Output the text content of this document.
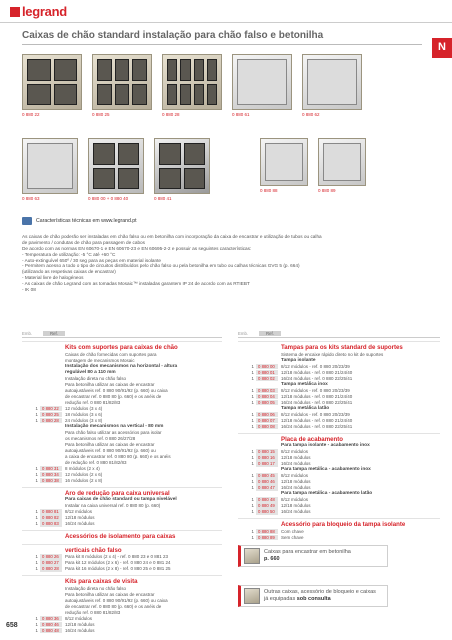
legrand
Caixas de chão standard instalação para chão falso e betonilha
N
0 880 22	0 880 25	0 880 28	0 880 61	0 880 62
0 880 63	0 880 00 + 0 880 40	0 880 41
0 880 88	0 880 89
Características técnicas em www.legrand.pt

As caixas de chão poderão ser instaladas em chão falso ou em betonilha com incorporação da caixa de encastrar e utilização de tubos ou calha

de pavimento / condutas de chão para passagem de cabos

De acordo com as normas EN 60670-1 e EN 60670-23 e EN 60695-2-2 e possuir as seguintes características:

- Temperatura de utilização: -5 °C até +60 °C

- Auto-extinguível 650º / 30 seg para as peças em material isolante

- Permitem acesso a todo o tipo de circuitos distribuídos pelo chão falso ou pela betonilha em tubo ou calhas técnicas GVG 5 (p. 664)

(utilizando as respetivas caixas de encastrar)

- Material livre de halogéneos

- As caixas de chão Legrand com as tomadas Mosaic™ instaladas garantem IP 24 de acordo com as RTIEBT

- IK 08

Emb.	Ref.
Kits com suportes para caixas de chão
Caixas de chão fornecidas com suportes para
montagem de mecanismos Mosaic
Instalação dos mecanismos na horizontal - altura
regulável 80 a 110 mm
Instalação direta no chão falso
Para betonilha utilizar as caixas de encastrar
autoajustáveis ref. 0 880 90/91/92 (p. 660) ou caixa
de encastrar ref. 0 880 80 (p. 660) e os anéis de
redução ref. 0 880 81/82/83
1 0 880 22	12 módulos (3 x 4)
1 0 880 25	18 módulos (3 x 6)
1 0 880 28	24 módulos (3 x 8)
Instalação mecanismos na vertical - 80 mm
Para chão falso utilizar as acessórios para isolar
os mecanismos ref. 0 880 26/27/28
Para betonilha utilizar as caixas de encastrar
autoajustáveis ref. 0 880 90/91/92 (p. 660) ou
a caixa de encastrar ref. 0 880 80 (p. 660) e os anéis
de redução ref. 0 880 81/82/83
1 0 880 31	8 módulos (2 x 4)
1 0 880 34	12 módulos (2 x 6)
1 0 880 38	16 módulos (2 x 8)
Aro de redução para caixa universal
Para caixas de chão standard ou tampa nivelável
Instalar na caixa universal ref. 0 880 80 (p. 660)
1 0 880 81	8/12 módulos
1 0 880 82	12/18 módulos
1 0 880 83	16/24 módulos
Acessórios de isolamento para caixas
verticais chão falso
1 0 880 26	Para kit 8 módulos (2 x 4) - ref. 0 880 23 e 0 881 23
1 0 880 27	Para kit 12 módulos (2 x 6) - ref. 0 880 24 e 0 881 24
1 0 880 28	Para kit 16 módulos (2 x 8) - ref. 0 880 25 e 0 881 25
Kits para caixas de visita
Instalação direta no chão falso
Para betonilha utilizar as caixas de encastrar
autoajustáveis ref. 0 880 90/91/92 (p. 660) ou caixa
de encastrar ref. 0 880 80 (p. 660) e os anéis de
redução ref. 0 880 81/82/83
1 0 880 36	8/12 módulos
1 0 880 46	12/18 módulos
1 0 880 48	16/24 módulos
Emb.	Ref.
Tampas para os kits standard de suportes
Sistema de encaixe rápido direto no kit de suportes
Tampa isolante
1 0 880 00	8/12 módulos - ref. 0 880 20/23/39
1 0 880 01	12/18 módulos - ref. 0 880 21/24/40
1 0 880 02	16/24 módulos - ref. 0 880 22/25/41
Tampa metálica inox
1 0 880 03	8/12 módulos - ref. 0 880 20/23/39
1 0 880 04	12/18 módulos - ref. 0 880 21/24/40
1 0 880 05	16/24 módulos - ref. 0 880 22/25/41
Tampa metálica latão
1 0 880 06	8/12 módulos - ref. 0 880 20/23/39
1 0 880 07	12/18 módulos - ref. 0 880 21/24/40
1 0 880 08	16/24 módulos - ref. 0 880 22/25/41
Placa de acabamento
Para tampa isolante - acabamento inox
1 0 880 15	8/12 módulos
1 0 880 16	12/18 módulos
1 0 880 17	16/24 módulos
Para tampa metálica - acabamento inox
1 0 880 45	8/12 módulos
1 0 880 46	12/18 módulos
1 0 880 47	16/24 módulos
Para tampa metálica - acabamento latão
1 0 880 48	8/12 módulos
1 0 880 49	12/18 módulos
1 0 880 50	16/24 módulos
Acessório para bloqueio da tampa isolante
1 0 880 88	Com chave
1 0 880 89	Sem chave
Caixas para encastrar em betonilha
p. 660
Outras caixas, acessório de bloqueio e caixas
já equipadas sob consulta
658
